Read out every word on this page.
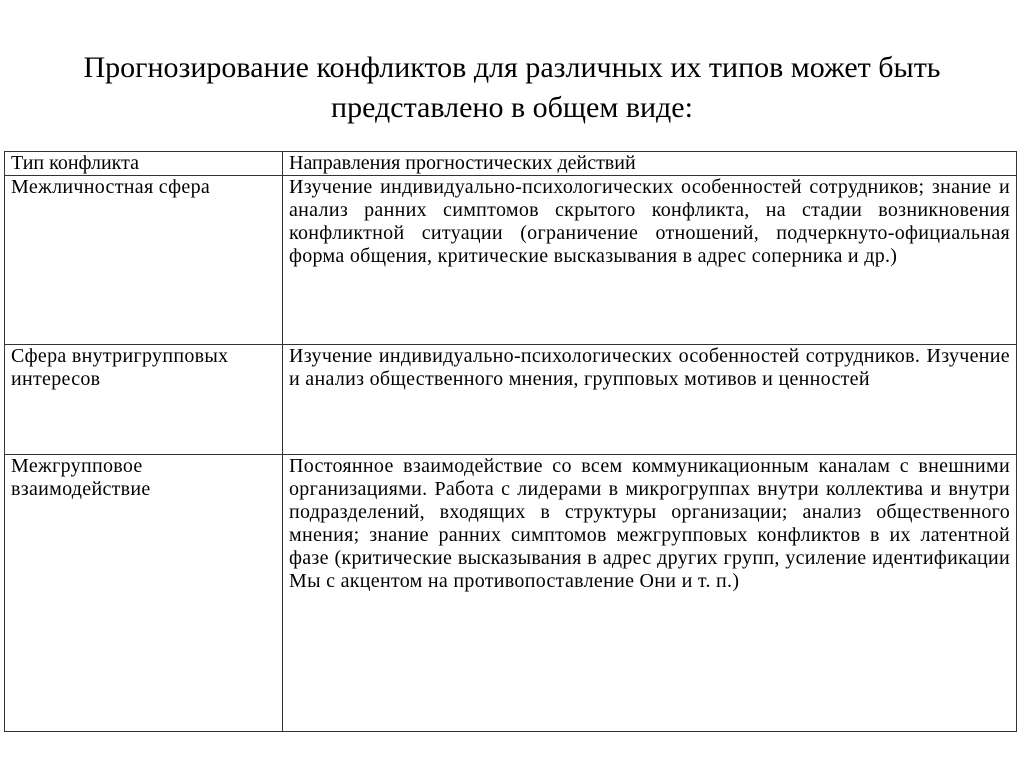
Прогнозирование конфликтов для различных их типов может быть
представлено в общем виде:
Тип конфликта	Направления прогностических действий

Межличностная сфера	Изучение индивидуально-психологических особенностей сотрудников; знание и анализ ранних симптомов скрытого конфликта, на стадии возникновения конфликтной ситуации (ограничение отношений, подчеркнуто-официальная форма общения, критические высказывания в адрес соперника и др.)

Сфера внутригрупповых интересов	Изучение индивидуально-психологических особенностей сотрудников. Изучение и анализ общественного мнения, групповых мотивов и ценностей

Межгрупповое взаимодействие	Постоянное взаимодействие со всем коммуникационным каналам с внешними организациями. Работа с лидерами в микрогруппах внутри коллектива и внутри подразделений, входящих в структуры организации; анализ общественного мнения; знание ранних симптомов межгрупповых конфликтов в их латентной фазе (критические высказывания в адрес других групп, усиление идентификации Мы с акцентом на противопоставление Они и т. п.)
